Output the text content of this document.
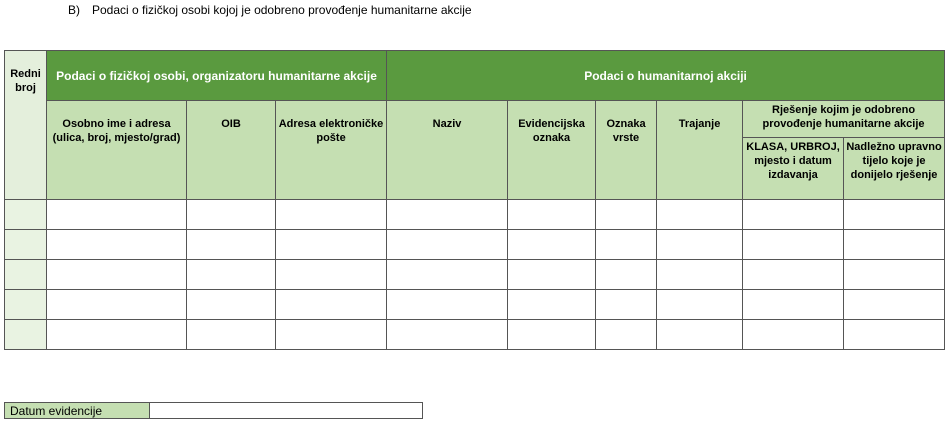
B) Podaci o fizičkoj osobi kojoj je odobreno provođenje humanitarne akcije
Redni broj	Podaci o fizičkoj osobi, organizatoru humanitarne akcije			Podaci o humanitarnoj akciji					
	Osobno ime i adresa (ulica, broj, mjesto/grad)	OIB	Adresa elektroničke pošte	Naziv	Evidencijska oznaka	Oznaka vrste	Trajanje	Rješenje kojim je odobreno provođenje humanitarne akcije	
								KLASA, URBROJ, mjesto i datum izdavanja	Nadležno upravno tijelo koje je donijelo rješenje

Datum evidencije	
